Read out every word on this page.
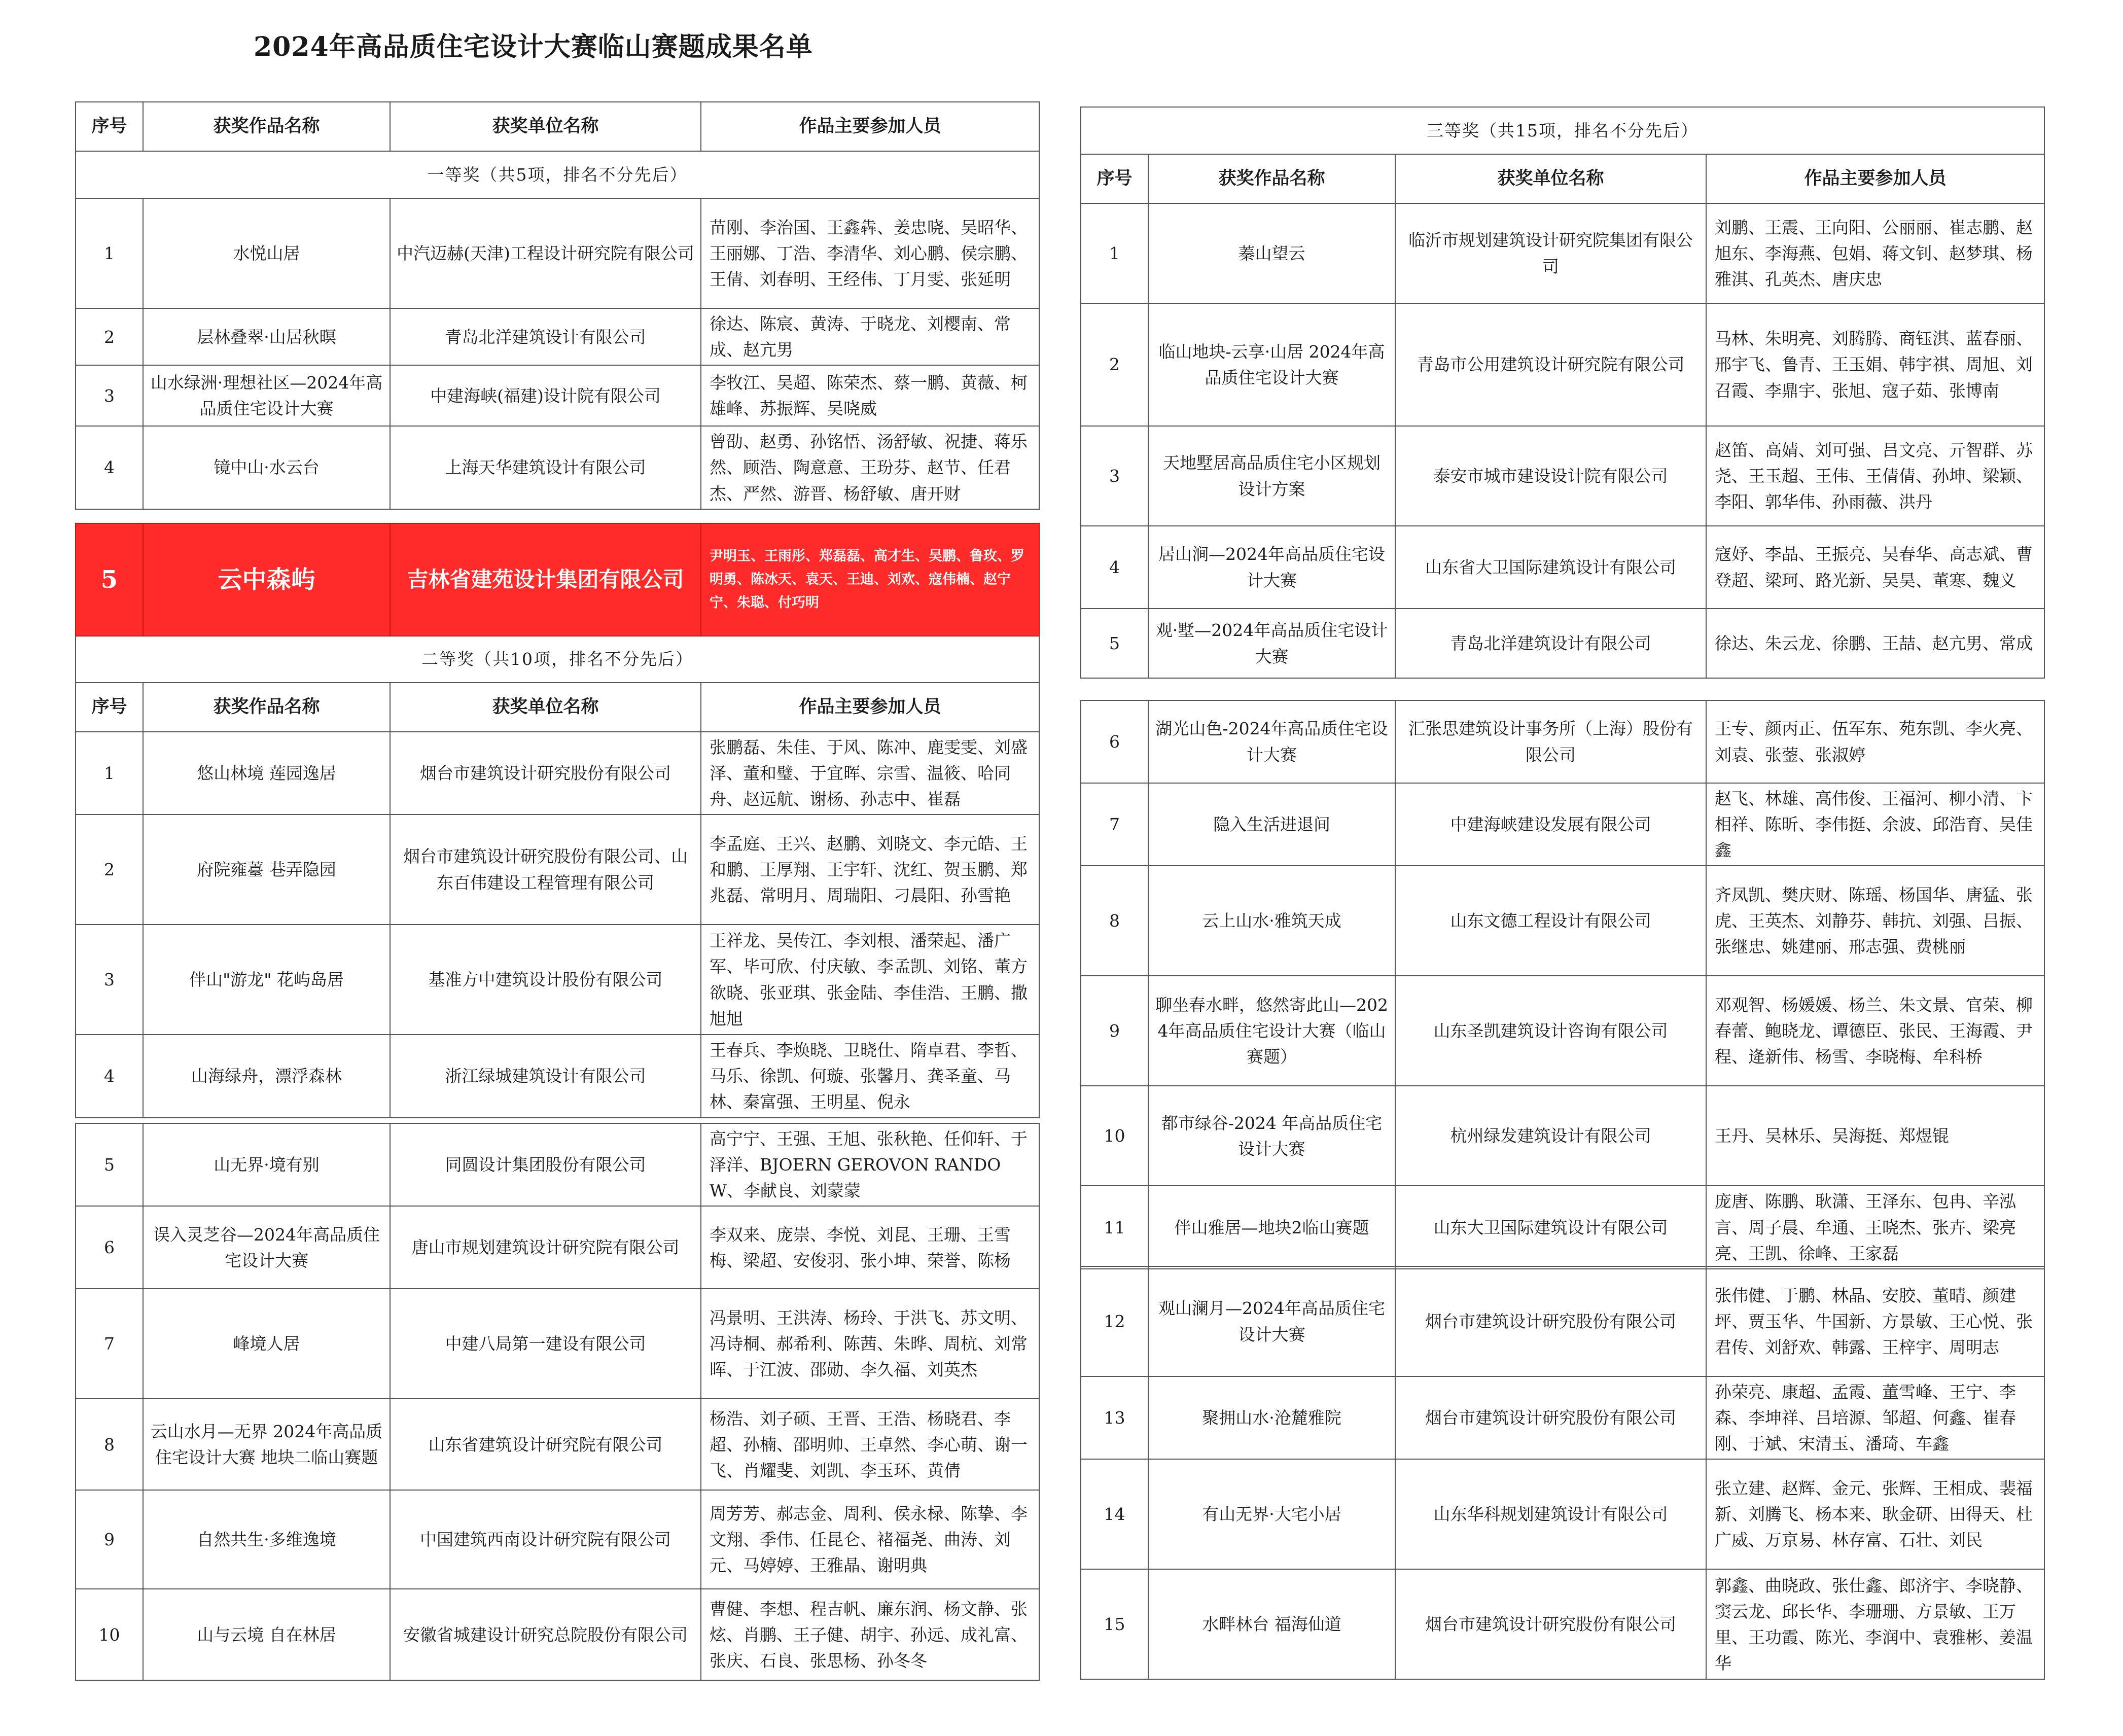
2024年高品质住宅设计大赛临山赛题成果名单
序号	获奖作品名称	获奖单位名称	作品主要参加人员
一等奖（共5项，排名不分先后）			
1	水悦山居	中汽迈赫(天津)工程设计研究院有限公司	苗刚、李治国、王鑫犇、姜忠晓、吴昭华、王丽娜、丁浩、李清华、刘心鹏、侯宗鹏、王倩、刘春明、王经伟、丁月雯、张延明
2	层林叠翠·山居秋暝	青岛北洋建筑设计有限公司	徐达、陈宸、黄涛、于晓龙、刘樱南、常成、赵亢男
3	山水绿洲·理想社区—2024年高品质住宅设计大赛	中建海峡(福建)设计院有限公司	李牧江、吴超、陈荣杰、蔡一鹏、黄薇、柯雄峰、苏振辉、吴晓威
4	镜中山·水云台	上海天华建筑设计有限公司	曾劭、赵勇、孙铭悟、汤舒敏、祝捷、蒋乐然、顾浩、陶意意、王玢芬、赵节、任君杰、严然、游晋、杨舒敏、唐开财

5	云中森屿	吉林省建苑设计集团有限公司	尹明玉、王雨彤、郑磊磊、高才生、吴鹏、鲁玫、罗明勇、陈冰天、袁天、王迪、刘欢、寇伟楠、赵宁宁、朱聪、付巧明
二等奖（共10项，排名不分先后）			
序号	获奖作品名称	获奖单位名称	作品主要参加人员
1	悠山林境 莲园逸居	烟台市建筑设计研究股份有限公司	张鹏磊、朱佳、于风、陈冲、鹿雯雯、刘盛泽、董和璧、于宜晖、宗雪、温筱、哈同舟、赵远航、谢杨、孙志中、崔磊
2	府院雍薹 巷弄隐园	烟台市建筑设计研究股份有限公司、山东百伟建设工程管理有限公司	李孟庭、王兴、赵鹏、刘晓文、李元皓、王和鹏、王厚翔、王宇轩、沈红、贺玉鹏、郑兆磊、常明月、周瑞阳、刁晨阳、孙雪艳
3	伴山"游龙" 花屿岛居	基准方中建筑设计股份有限公司	王祥龙、吴传江、李刘根、潘荣起、潘广军、毕可欣、付庆敏、李孟凯、刘铭、董方欲晓、张亚琪、张金陆、李佳浩、王鹏、撒旭旭
4	山海绿舟，漂浮森林	浙江绿城建筑设计有限公司	王春兵、李焕晓、卫晓仕、隋卓君、李哲、马乐、徐凯、何璇、张馨月、龚圣童、马林、秦富强、王明星、倪永
5	山无界·境有别	同圆设计集团股份有限公司	高宁宁、王强、王旭、张秋艳、任仰轩、于泽洋、BJOERN GEROVON RANDOW、李献良、刘蒙蒙
6	误入灵芝谷—2024年高品质住宅设计大赛	唐山市规划建筑设计研究院有限公司	李双来、庞崇、李悦、刘昆、王珊、王雪梅、梁超、安俊羽、张小坤、荣誉、陈杨
7	峰境人居	中建八局第一建设有限公司	冯景明、王洪涛、杨玲、于洪飞、苏文明、冯诗桐、郝希利、陈茜、朱晔、周杭、刘常晖、于江波、邵勋、李久福、刘英杰
8	云山水月—无界 2024年高品质住宅设计大赛 地块二临山赛题	山东省建筑设计研究院有限公司	杨浩、刘子硕、王晋、王浩、杨晓君、李超、孙楠、邵明帅、王卓然、李心萌、谢一飞、肖耀斐、刘凯、李玉环、黄倩
9	自然共生·多维逸境	中国建筑西南设计研究院有限公司	周芳芳、郝志金、周利、侯永椂、陈挚、李文翔、季伟、任昆仑、褚福尧、曲涛、刘元、马婷婷、王雅晶、谢明典
10	山与云境 自在林居	安徽省城建设计研究总院股份有限公司	曹健、李想、程吉帆、廉东润、杨文静、张炫、肖鹏、王子健、胡宇、孙远、成礼富、张庆、石良、张思杨、孙冬冬
三等奖（共15项，排名不分先后）			
序号	获奖作品名称	获奖单位名称	作品主要参加人员
1	蓁山望云	临沂市规划建筑设计研究院集团有限公司	刘鹏、王震、王向阳、公丽丽、崔志鹏、赵旭东、李海燕、包娟、蒋文钊、赵梦琪、杨雅淇、孔英杰、唐庆忠
2	临山地块-云享·山居 2024年高品质住宅设计大赛	青岛市公用建筑设计研究院有限公司	马林、朱明亮、刘腾腾、商钰淇、蓝春丽、邢宇飞、鲁青、王玉娟、韩宇祺、周旭、刘召霞、李鼎宇、张旭、寇子茹、张博南
3	天地墅居高品质住宅小区规划设计方案	泰安市城市建设设计院有限公司	赵笛、高婧、刘可强、吕文亮、亓智群、苏尧、王玉超、王伟、王倩倩、孙坤、梁颖、李阳、郭华伟、孙雨薇、洪丹
4	居山涧—2024年高品质住宅设计大赛	山东省大卫国际建筑设计有限公司	寇妤、李晶、王振亮、吴春华、高志斌、曹登超、梁珂、路光新、吴昊、董寒、魏义
5	观·墅—2024年高品质住宅设计大赛	青岛北洋建筑设计有限公司	徐达、朱云龙、徐鹏、王喆、赵亢男、常成
6	湖光山色-2024年高品质住宅设计大赛	汇张思建筑设计事务所（上海）股份有限公司	王专、颜丙正、伍军东、苑东凯、李火亮、刘袁、张蓥、张淑婷
7	隐入生活进退间	中建海峡建设发展有限公司	赵飞、林雄、高伟俊、王福河、柳小清、卞相祥、陈昕、李伟挺、余波、邱浩育、吴佳鑫
8	云上山水·雅筑天成	山东文德工程设计有限公司	齐凤凯、樊庆财、陈瑶、杨国华、唐猛、张虎、王英杰、刘静芬、韩抗、刘强、吕振、张继忠、姚建丽、邢志强、费桃丽
9	聊坐春水畔，悠然寄此山—2024年高品质住宅设计大赛（临山赛题）	山东圣凯建筑设计咨询有限公司	邓观智、杨媛媛、杨兰、朱文景、官荣、柳春蕾、鲍晓龙、谭德臣、张民、王海霞、尹程、逄新伟、杨雪、李晓梅、牟科桥
10	都市绿谷-2024 年高品质住宅设计大赛	杭州绿发建筑设计有限公司	王丹、吴林乐、吴海挺、郑煜锟
11	伴山雅居—地块2临山赛题	山东大卫国际建筑设计有限公司	庞唐、陈鹏、耿潇、王泽东、包冉、辛泓言、周子晨、牟通、王晓杰、张卉、梁亮亮、王凯、徐峰、王家磊
12	观山澜月—2024年高品质住宅设计大赛	烟台市建筑设计研究股份有限公司	张伟健、于鹏、林晶、安胶、董晴、颜建坪、贾玉华、牛国新、方景敏、王心悦、张君传、刘舒欢、韩露、王梓宇、周明志
13	聚拥山水·沧麓雅院	烟台市建筑设计研究股份有限公司	孙荣亮、康超、孟霞、董雪峰、王宁、李森、李坤祥、吕培源、邹超、何鑫、崔春刚、于斌、宋清玉、潘琦、车鑫
14	有山无界·大宅小居	山东华科规划建筑设计有限公司	张立建、赵辉、金元、张辉、王相成、裴福新、刘腾飞、杨本来、耿金研、田得天、杜广威、万京易、林存富、石壮、刘民
15	水畔林台 福海仙道	烟台市建筑设计研究股份有限公司	郭鑫、曲晓政、张仕鑫、郎济宇、李晓静、窦云龙、邱长华、李珊珊、方景敏、王万里、王功霞、陈光、李润中、袁雅彬、姜温华
